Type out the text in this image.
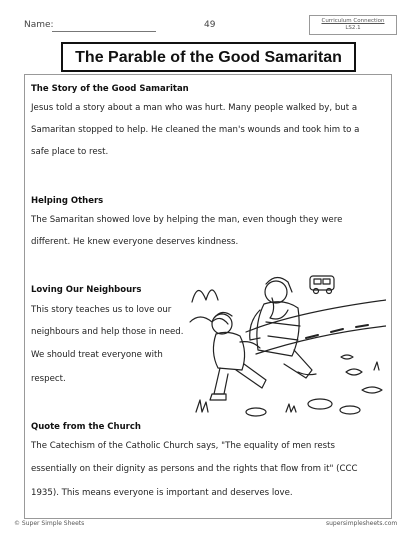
Name:	49	Curriculum Connection
LS2.1
The Parable of the Good Samaritan
The Story of the Good Samaritan

Jesus told a story about a man who was hurt. Many people walked by, but a

Samaritan stopped to help. He cleaned the man's wounds and took him to a

safe place to rest.

Helping Others

The Samaritan showed love by helping the man, even though they were

different. He knew everyone deserves kindness.

Loving Our Neighbours

This story teaches us to love our

neighbours and help those in need.

We should treat everyone with

respect.

Quote from the Church

The Catechism of the Catholic Church says, "The equality of men rests

essentially on their dignity as persons and the rights that flow from it" (CCC

1935). This means everyone is important and deserves love.

© Super Simple Sheets	supersimplesheets.com
